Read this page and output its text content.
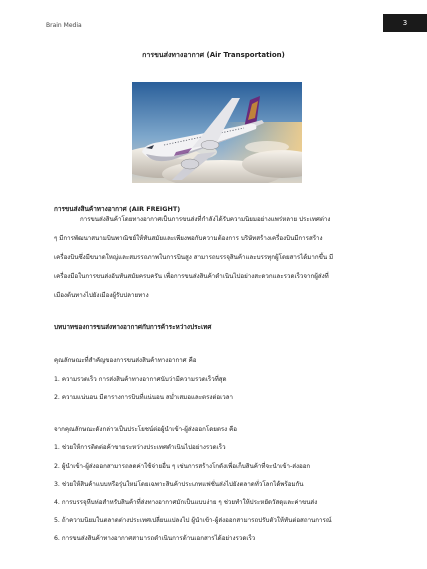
Brain Media	3
การขนส่งทางอากาศ (Air Transportation)
การขนส่งสินค้าทางอากาศ (AIR FREIGHT)
การขนส่งสินค้าโดยทางอากาศเป็นการขนส่งที่กำลังได้รับความนิยมอย่างแพร่หลาย ประเทศต่าง
ๆ มีการพัฒนาสนามบินพาณิชย์ให้ทันสมัยและเพียงพอกับความต้องการ บริษัทสร้างเครื่องบินมีการสร้าง
เครื่องบินซึ่งมีขนาดใหญ่และสมรรถภาพในการบินสูง สามารถบรรจุสินค้าและบรรทุกผู้โดยสารได้มากขึ้น มี
เครื่องมือในการขนส่งอันทันสมัยครบครัน เพื่อการขนส่งสินค้าดำเนินไปอย่างสะดวกและรวดเร็วจากผู้ส่งที่
เมืองต้นทางไปยังเมืองผู้รับปลายทาง
บทบาทของการขนส่งทางอากาศกับการค้าระหว่างประเทศ
คุณลักษณะที่สำคัญของการขนส่งสินค้าทางอากาศ คือ
1. ความรวดเร็ว การส่งสินค้าทางอากาศนับว่ามีความรวดเร็วที่สุด
2. ความแน่นอน มีตารางการบินที่แน่นอน สม่ำเสมอและตรงต่อเวลา
จากคุณลักษณะดังกล่าวเป็นประโยชน์ต่อผู้นำเข้า-ผู้ส่งออกโดยตรง คือ
1. ช่วยให้การติดต่อค้าขายระหว่างประเทศดำเนินไปอย่างรวดเร็ว
2. ผู้นำเข้า-ผู้ส่งออกสามารถลดค่าใช้จ่ายอื่น ๆ เช่นการสร้างโกดังเพื่อเก็บสินค้าที่จะนำเข้า-ส่งออก
3. ช่วยให้สินค้าแบบหรือรุ่นใหม่โดยเฉพาะสินค้าประเภทแฟชั่นส่งไปยังตลาดทั่วโลกได้พร้อมกัน
4. การบรรจุหีบห่อสำหรับสินค้าที่ส่งทางอากาศมักเป็นแบบง่าย ๆ ช่วยทำให้ประหยัดวัสดุและค่าขนส่ง
5. ถ้าความนิยมในตลาดต่างประเทศเปลี่ยนแปลงไป ผู้นำเข้า-ผู้ส่งออกสามารถปรับตัวให้ทันต่อสถานการณ์
6. การขนส่งสินค้าทางอากาศสามารถดำเนินการด้านเอกสารได้อย่างรวดเร็ว
